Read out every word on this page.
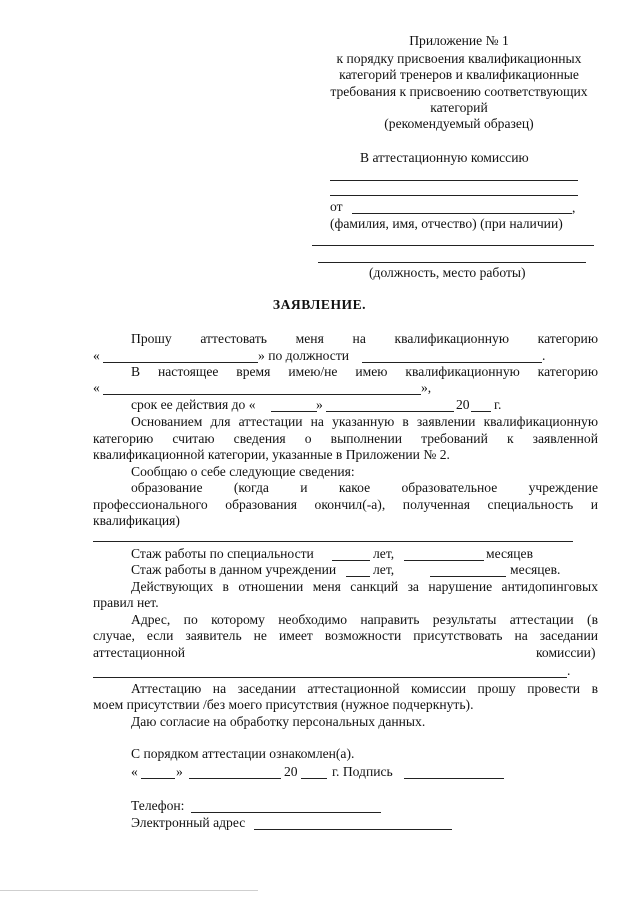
Приложение № 1
к порядку присвоения квалификационных
категорий тренеров и квалификационные
требования к присвоению соответствующих
категорий
(рекомендуемый образец)
В аттестационную комиссию
от	,
(фамилия, имя, отчество) (при наличии)
(должность, место работы)
ЗАЯВЛЕНИЕ.
Прошу аттестовать меня на квалификационную категорию
«	» по должности	.
В настоящее время имею/не имею квалификационную категорию
«	»,
срок ее действия до «	»	20 г.
Основанием для аттестации на указанную в заявлении квалификационную
категорию считаю сведения о выполнении требований к заявленной
квалификационной категории, указанные в Приложении № 2.
Сообщаю о себе следующие сведения:
образование (когда и какое образовательное учреждение
профессионального образования окончил(-а), полученная специальность и
квалификация)
Стаж работы по специальности	лет,	месяцев
Стаж работы в данном учреждении	лет,	месяцев.
Действующих в отношении меня санкций за нарушение антидопинговых
правил нет.
Адрес, по которому необходимо направить результаты аттестации (в
случае, если заявитель не имеет возможности присутствовать на заседании
аттестационной	комиссии)
.
Аттестацию на заседании аттестационной комиссии прошу провести в
моем присутствии /без моего присутствия (нужное подчеркнуть).
Даю согласие на обработку персональных данных.
С порядком аттестации ознакомлен(а).
«	»	20	г. Подпись
Телефон:
Электронный адрес
